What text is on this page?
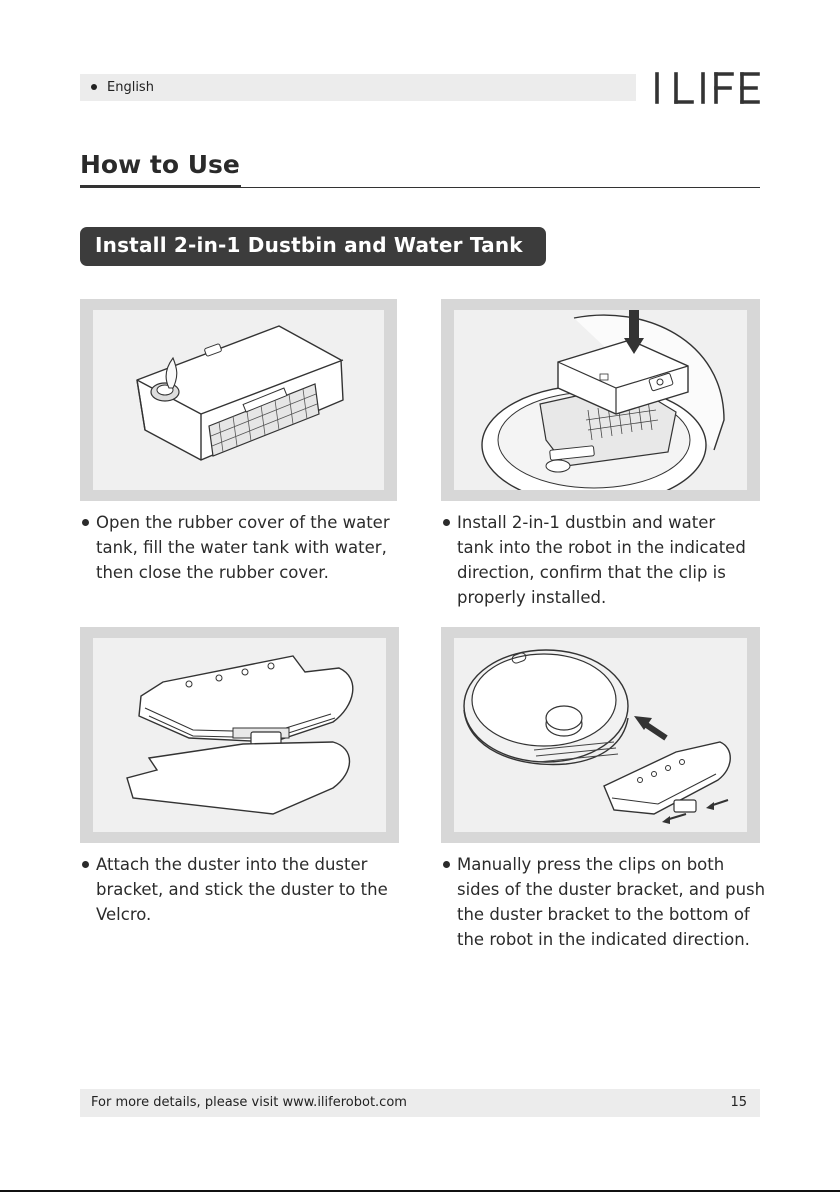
English
How to Use
Install 2-in-1 Dustbin and Water Tank
Open the rubber cover of the water tank, fill the water tank with water, then close the rubber cover.
Install 2-in-1 dustbin and water tank into the robot in the indicated direction, confirm that the clip is properly installed.
Attach the duster into the duster bracket, and stick the duster to the Velcro.
Manually press the clips on both sides of the duster bracket, and push the duster bracket to the bottom of the robot in the indicated direction.
For more details, please visit www.iliferobot.com	15
